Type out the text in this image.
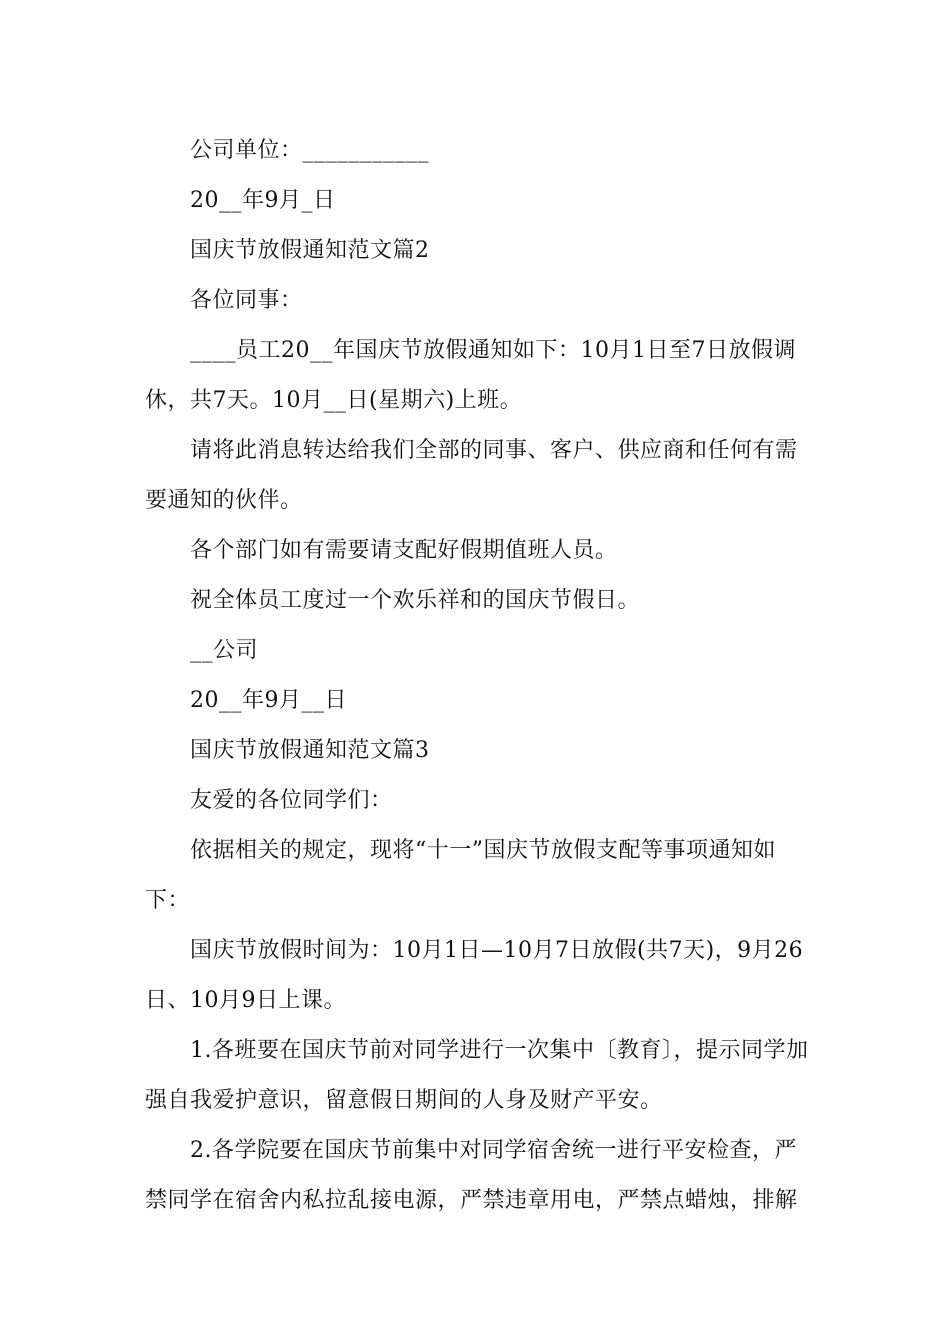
公司单位：___________
20__年9月_日
国庆节放假通知范文篇2
各位同事：
____员工20__年国庆节放假通知如下：10月1日至7日放假调休，共7天。10月__日(星期六)上班。
请将此消息转达给我们全部的同事、客户、供应商和任何有需要通知的伙伴。
各个部门如有需要请支配好假期值班人员。
祝全体员工度过一个欢乐祥和的国庆节假日。
__公司
20__年9月__日
国庆节放假通知范文篇3
友爱的各位同学们：
依据相关的规定，现将“十一”国庆节放假支配等事项通知如下：
国庆节放假时间为：10月1日—10月7日放假(共7天)，9月26日、10月9日上课。
1.各班要在国庆节前对同学进行一次集中〔教育〕，提示同学加强自我爱护意识，留意假日期间的人身及财产平安。
2.各学院要在国庆节前集中对同学宿舍统一进行平安检查，严禁同学在宿舍内私拉乱接电源，严禁违章用电，严禁点蜡烛，排解
